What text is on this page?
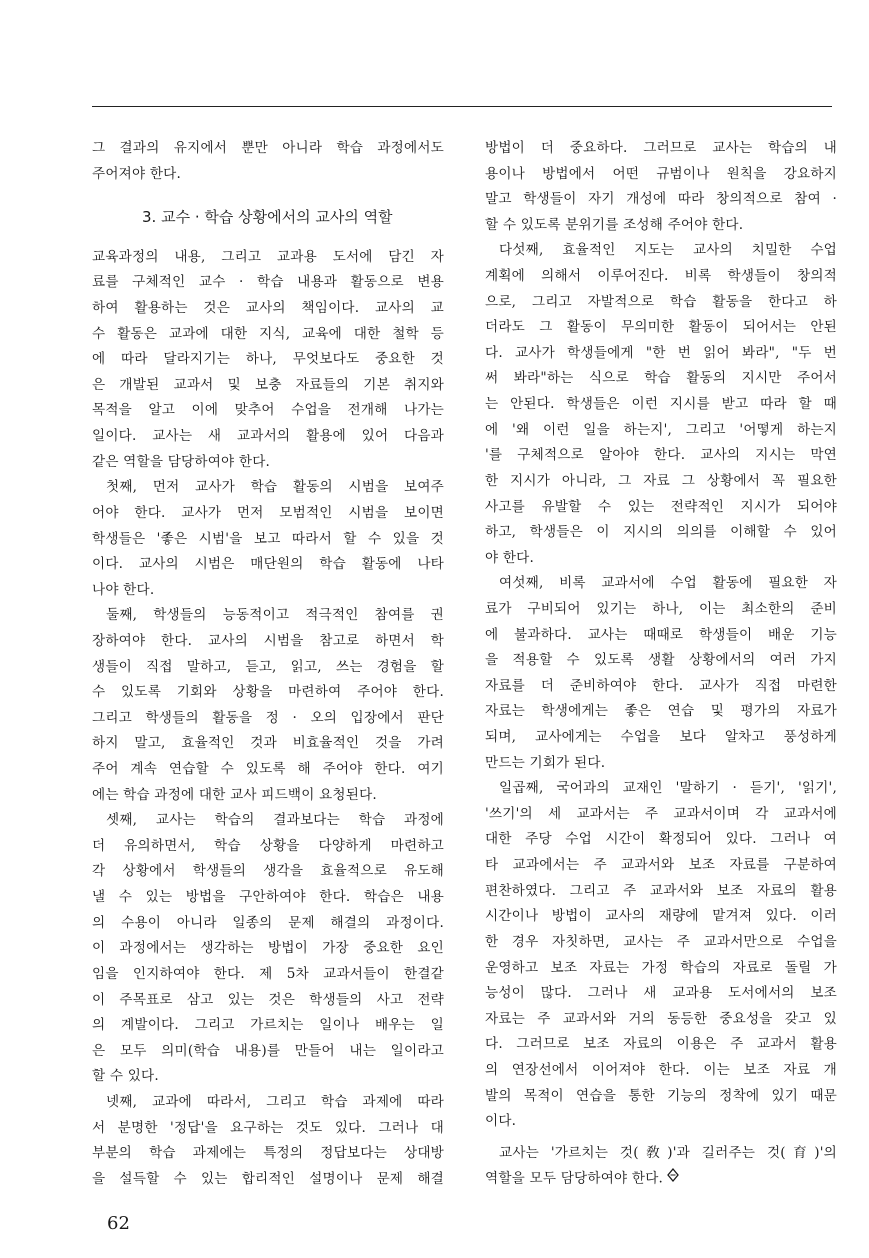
그 결과의 유지에서 뿐만 아니라 학습 과정에서도
주어져야 한다.
3. 교수 · 학습 상황에서의 교사의 역할
교육과정의 내용, 그리고 교과용 도서에 담긴 자
료를 구체적인 교수 · 학습 내용과 활동으로 변용
하여 활용하는 것은 교사의 책임이다. 교사의 교
수 활동은 교과에 대한 지식, 교육에 대한 철학 등
에 따라 달라지기는 하나, 무엇보다도 중요한 것
은 개발된 교과서 및 보충 자료들의 기본 취지와
목적을 알고 이에 맞추어 수업을 전개해 나가는
일이다. 교사는 새 교과서의 활용에 있어 다음과
같은 역할을 담당하여야 한다.
첫째, 먼저 교사가 학습 활동의 시범을 보여주
어야 한다. 교사가 먼저 모범적인 시범을 보이면
학생들은 '좋은 시범'을 보고 따라서 할 수 있을 것
이다. 교사의 시범은 매단원의 학습 활동에 나타
나야 한다.
둘째, 학생들의 능동적이고 적극적인 참여를 권
장하여야 한다. 교사의 시범을 참고로 하면서 학
생들이 직접 말하고, 듣고, 읽고, 쓰는 경험을 할
수 있도록 기회와 상황을 마련하여 주어야 한다.
그리고 학생들의 활동을 정 · 오의 입장에서 판단
하지 말고, 효율적인 것과 비효율적인 것을 가려
주어 계속 연습할 수 있도록 해 주어야 한다. 여기
에는 학습 과정에 대한 교사 피드백이 요청된다.
셋째, 교사는 학습의 결과보다는 학습 과정에
더 유의하면서, 학습 상황을 다양하게 마련하고
각 상황에서 학생들의 생각을 효율적으로 유도해
낼 수 있는 방법을 구안하여야 한다. 학습은 내용
의 수용이 아니라 일종의 문제 해결의 과정이다.
이 과정에서는 생각하는 방법이 가장 중요한 요인
임을 인지하여야 한다. 제 5차 교과서들이 한결같
이 주목표로 삼고 있는 것은 학생들의 사고 전략
의 계발이다. 그리고 가르치는 일이나 배우는 일
은 모두 의미(학습 내용)를 만들어 내는 일이라고
할 수 있다.
넷째, 교과에 따라서, 그리고 학습 과제에 따라
서 분명한 '정답'을 요구하는 것도 있다. 그러나 대
부분의 학습 과제에는 특정의 정답보다는 상대방
을 설득할 수 있는 합리적인 설명이나 문제 해결
방법이 더 중요하다. 그러므로 교사는 학습의 내
용이나 방법에서 어떤 규범이나 원칙을 강요하지
말고 학생들이 자기 개성에 따라 창의적으로 참여 ·
할 수 있도록 분위기를 조성해 주어야 한다.
다섯째, 효율적인 지도는 교사의 치밀한 수업
계획에 의해서 이루어진다. 비록 학생들이 창의적
으로, 그리고 자발적으로 학습 활동을 한다고 하
더라도 그 활동이 무의미한 활동이 되어서는 안된
다. 교사가 학생들에게 "한 번 읽어 봐라", "두 번
써 봐라"하는 식으로 학습 활동의 지시만 주어서
는 안된다. 학생들은 이런 지시를 받고 따라 할 때
에 '왜 이런 일을 하는지', 그리고 '어떻게 하는지
'를 구체적으로 알아야 한다. 교사의 지시는 막연
한 지시가 아니라, 그 자료 그 상황에서 꼭 필요한
사고를 유발할 수 있는 전략적인 지시가 되어야
하고, 학생들은 이 지시의 의의를 이해할 수 있어
야 한다.
여섯째, 비록 교과서에 수업 활동에 필요한 자
료가 구비되어 있기는 하나, 이는 최소한의 준비
에 불과하다. 교사는 때때로 학생들이 배운 기능
을 적용할 수 있도록 생활 상황에서의 여러 가지
자료를 더 준비하여야 한다. 교사가 직접 마련한
자료는 학생에게는 좋은 연습 및 평가의 자료가
되며, 교사에게는 수업을 보다 알차고 풍성하게
만드는 기회가 된다.
일곱째, 국어과의 교재인 '말하기 · 듣기', '읽기',
'쓰기'의 세 교과서는 주 교과서이며 각 교과서에
대한 주당 수업 시간이 확정되어 있다. 그러나 여
타 교과에서는 주 교과서와 보조 자료를 구분하여
편찬하였다. 그리고 주 교과서와 보조 자료의 활용
시간이나 방법이 교사의 재량에 맡겨져 있다. 이러
한 경우 자칫하면, 교사는 주 교과서만으로 수업을
운영하고 보조 자료는 가정 학습의 자료로 돌릴 가
능성이 많다. 그러나 새 교과용 도서에서의 보조
자료는 주 교과서와 거의 동등한 중요성을 갖고 있
다. 그러므로 보조 자료의 이용은 주 교과서 활용
의 연장선에서 이어져야 한다. 이는 보조 자료 개
발의 목적이 연습을 통한 기능의 정착에 있기 때문
이다.
교사는 '가르치는 것(敎)'과 길러주는 것(育)'의
역할을 모두 담당하여야 한다.
62
